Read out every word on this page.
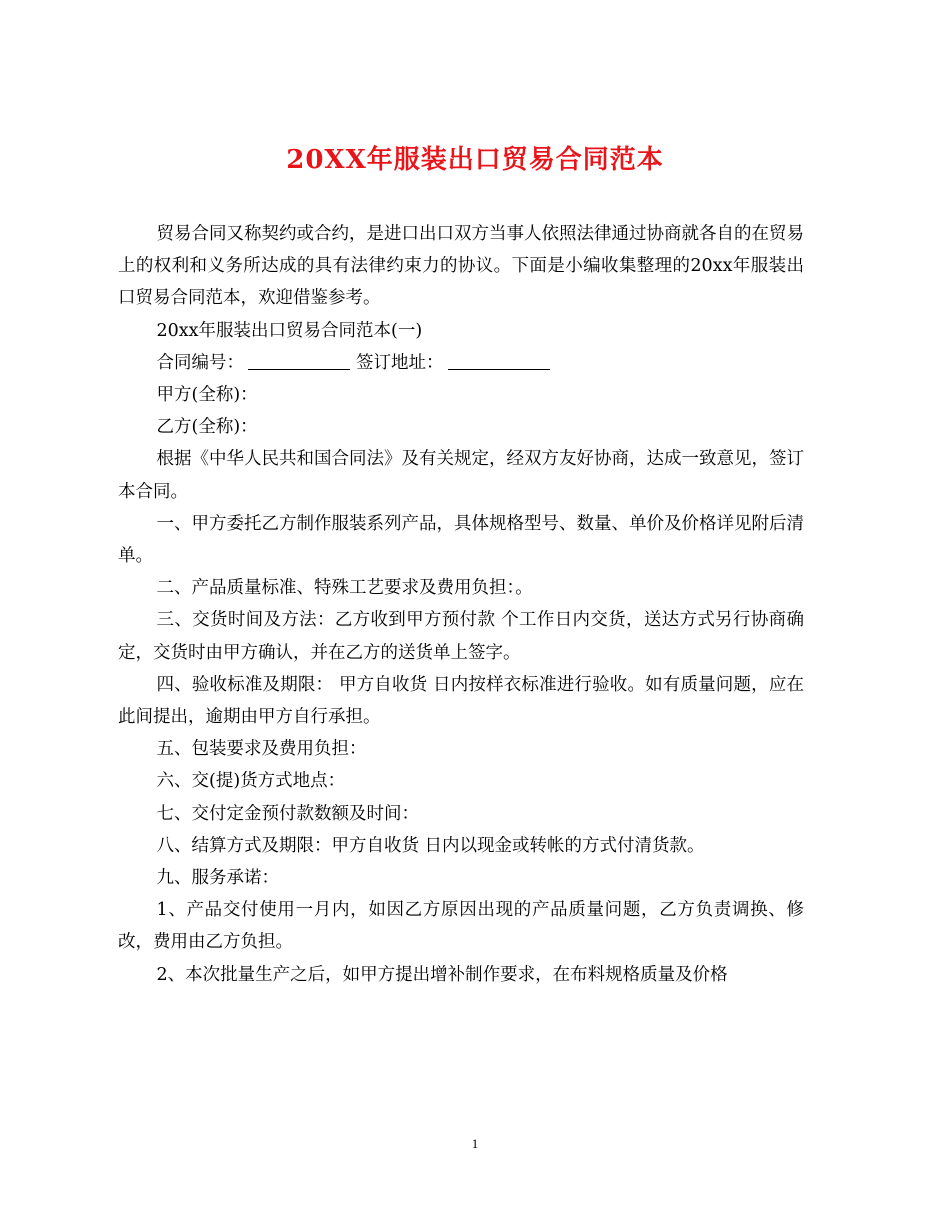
20XX年服装出口贸易合同范本

贸易合同又称契约或合约，是进口出口双方当事人依照法律通过协商就各自的在贸易上的权利和义务所达成的具有法律约束力的协议。下面是小编收集整理的20xx年服装出口贸易合同范本，欢迎借鉴参考。

20xx年服装出口贸易合同范本(一)

合同编号：	签订地址：

甲方(全称)：

乙方(全称)：

根据《中华人民共和国合同法》及有关规定，经双方友好协商，达成一致意见，签订本合同。

一、甲方委托乙方制作服装系列产品，具体规格型号、数量、单价及价格详见附后清单。

二、产品质量标准、特殊工艺要求及费用负担：。

三、交货时间及方法：乙方收到甲方预付款 个工作日内交货，送达方式另行协商确定，交货时由甲方确认，并在乙方的送货单上签字。

四、验收标准及期限： 甲方自收货 日内按样衣标准进行验收。如有质量问题，应在此间提出，逾期由甲方自行承担。

五、包装要求及费用负担：

六、交(提)货方式地点：

七、交付定金预付款数额及时间：

八、结算方式及期限：甲方自收货 日内以现金或转帐的方式付清货款。

九、服务承诺：

1、产品交付使用一月内，如因乙方原因出现的产品质量问题，乙方负责调换、修改，费用由乙方负担。

2、本次批量生产之后，如甲方提出增补制作要求，在布料规格质量及价格

1
